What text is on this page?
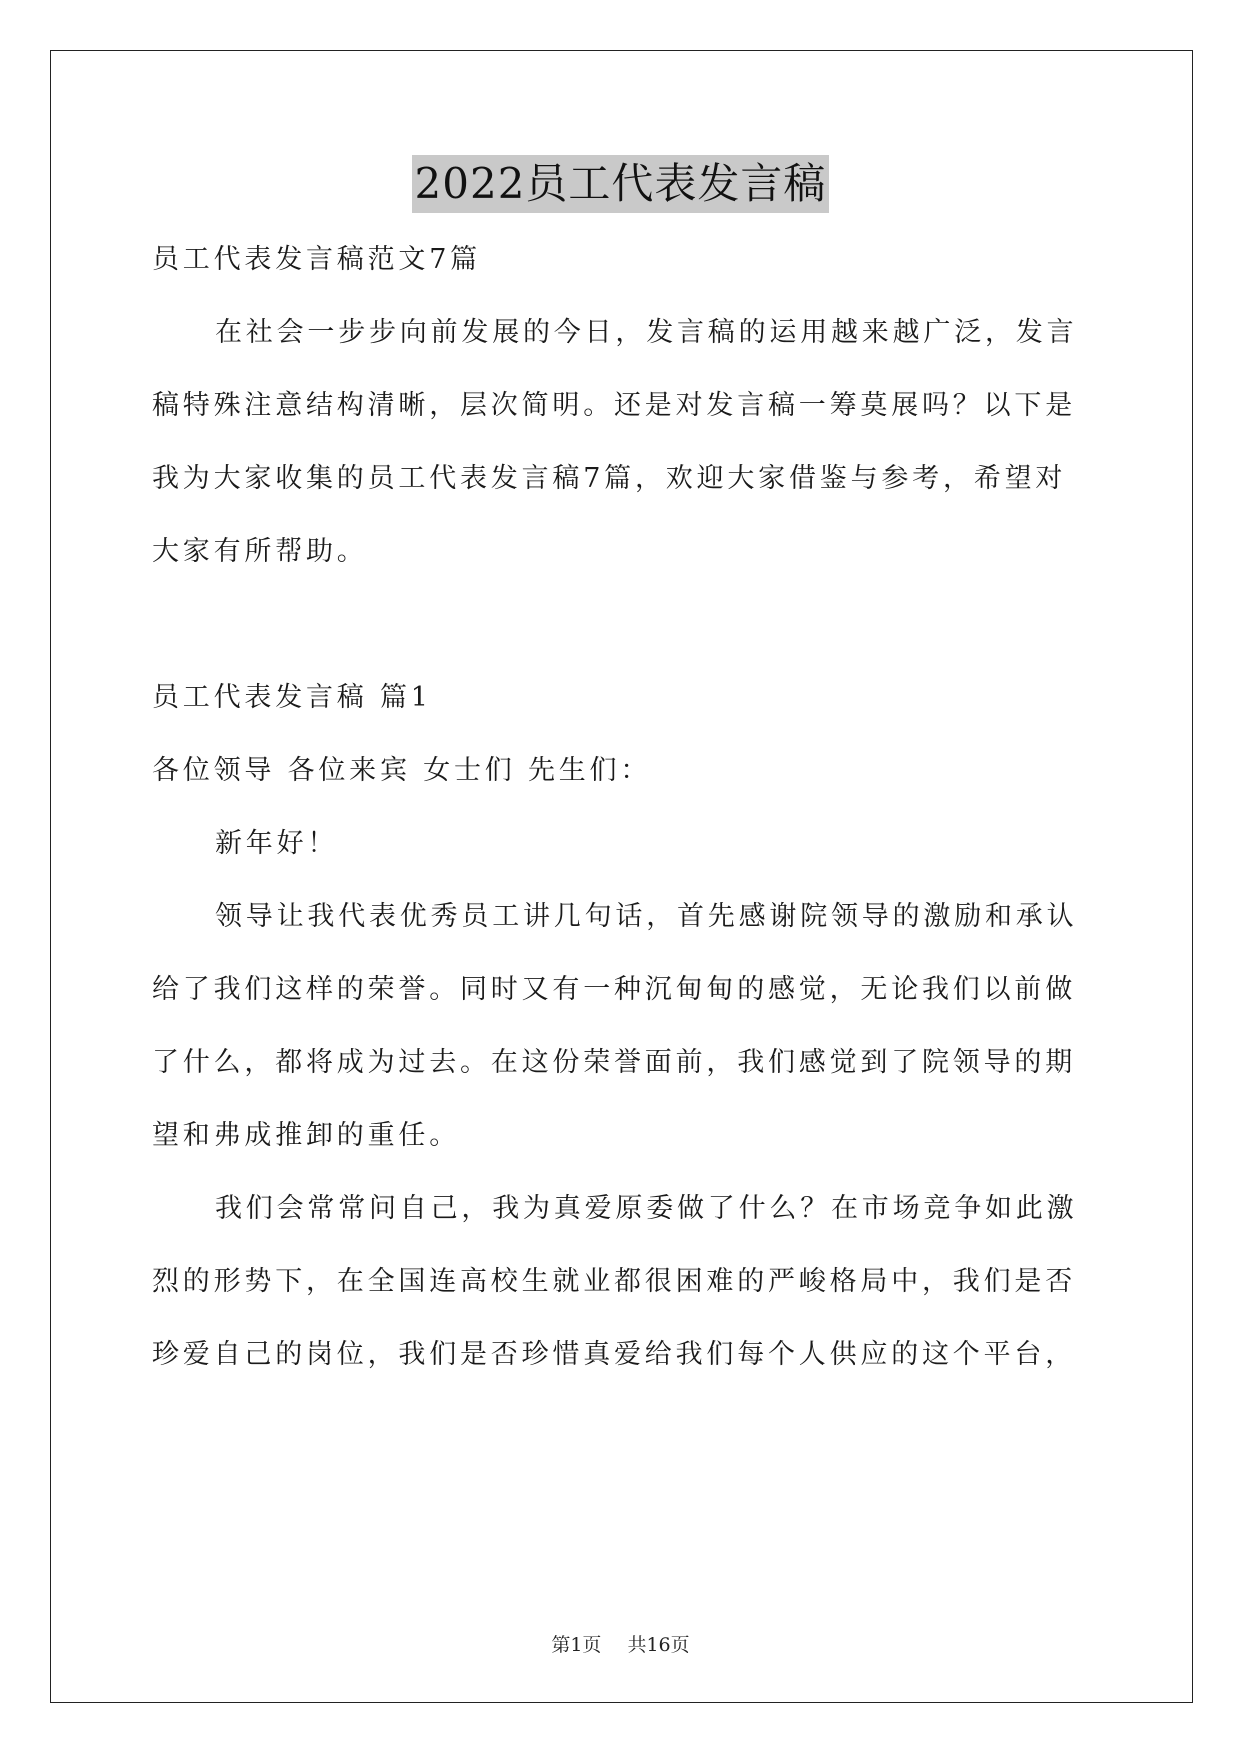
2022员工代表发言稿
员工代表发言稿范文7篇
在社会一步步向前发展的今日，发言稿的运用越来越广泛，发言
稿特殊注意结构清晰，层次简明。还是对发言稿一筹莫展吗？以下是
我为大家收集的员工代表发言稿7篇，欢迎大家借鉴与参考，希望对
大家有所帮助。
员工代表发言稿 篇1
各位领导 各位来宾 女士们 先生们：
新年好！
领导让我代表优秀员工讲几句话，首先感谢院领导的激励和承认
给了我们这样的荣誉。同时又有一种沉甸甸的感觉，无论我们以前做
了什么，都将成为过去。在这份荣誉面前，我们感觉到了院领导的期
望和弗成推卸的重任。
我们会常常问自己，我为真爱原委做了什么？在市场竞争如此激
烈的形势下，在全国连高校生就业都很困难的严峻格局中，我们是否
珍爱自己的岗位，我们是否珍惜真爱给我们每个人供应的这个平台，
第1页 共16页
